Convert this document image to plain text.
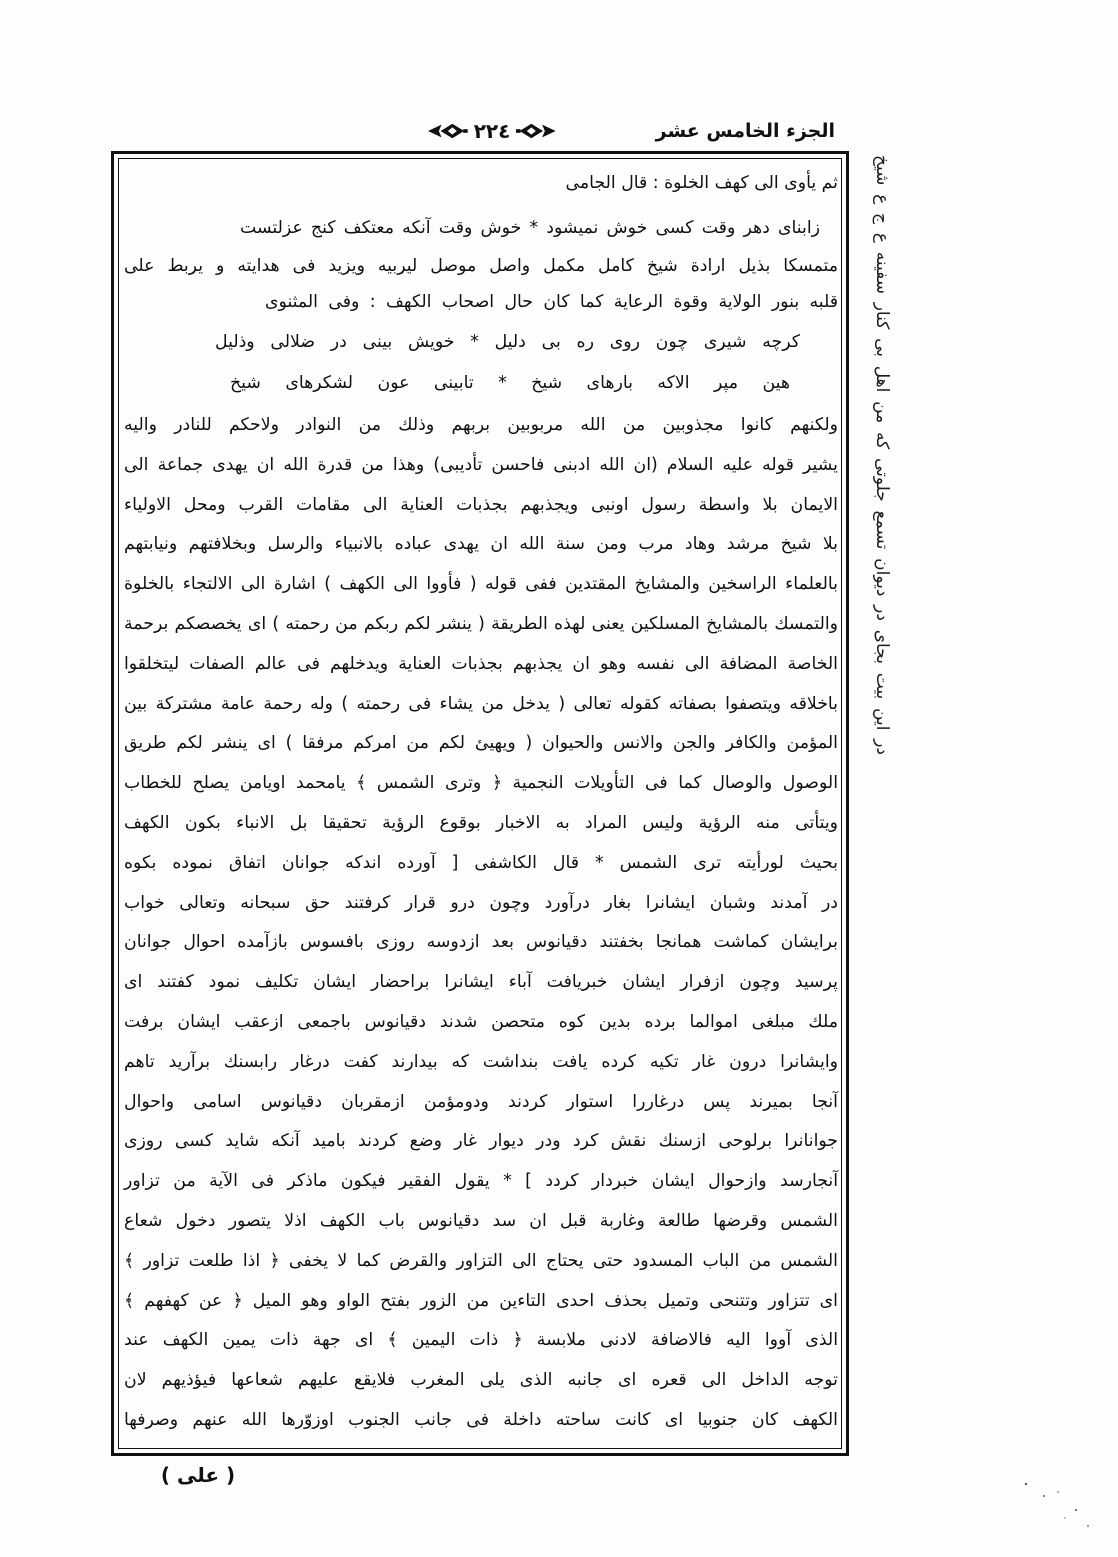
الجزء الخامس عشر
٢٢٤
ثم يأوى الى كهف الخلوة : قال الجامى
زابناى دهر وقت كسى خوش نميشود * خوش وقت آنكه معتكف كنج عزلتست
متمسكا بذيل ارادة شيخ كامل مكمل واصل موصل ليربيه ويزيد فى هدايته و يربط على
قلبه بنور الولاية وقوة الرعاية كما كان حال اصحاب الكهف : وفى المثنوى
كرچه شيرى چون روى ره بى دليل * خويش بينى در ضلالى وذليل
هين مپر الاكه بارهاى شيخ * تابينى عون لشكرهاى شيخ
ولكنهم كانوا مجذوبين من الله مربوبين بربهم وذلك من النوادر ولاحكم للنادر واليه
يشير قوله عليه السلام (ان الله ادبنى فاحسن تأديبى) وهذا من قدرة الله ان يهدى جماعة الى
الايمان بلا واسطة رسول اونبى ويجذبهم بجذبات العناية الى مقامات القرب ومحل الاولياء
بلا شيخ مرشد وهاد مرب ومن سنة الله ان يهدى عباده بالانبياء والرسل وبخلافتهم ونيابتهم
بالعلماء الراسخين والمشايخ المقتدين ففى قوله ( فأووا الى الكهف ) اشارة الى الالتجاء بالخلوة
والتمسك بالمشايخ المسلكين يعنى لهذه الطريقة ( ينشر لكم ربكم من رحمته ) اى يخصصكم برحمة
الخاصة المضافة الى نفسه وهو ان يجذبهم بجذبات العناية ويدخلهم فى عالم الصفات ليتخلقوا
باخلاقه ويتصفوا بصفاته كقوله تعالى ( يدخل من يشاء فى رحمته ) وله رحمة عامة مشتركة بين
المؤمن والكافر والجن والانس والحيوان ( ويهيئ لكم من امركم مرفقا ) اى ينشر لكم طريق
الوصول والوصال كما فى التأويلات النجمية ﴿ وترى الشمس ﴾ يامحمد اويامن يصلح للخطاب
ويتأتى منه الرؤية وليس المراد به الاخبار بوقوع الرؤية تحقيقا بل الانباء بكون الكهف
بحيث لورأيته ترى الشمس * قال الكاشفى [ آورده اندكه جوانان اتفاق نموده بكوه
در آمدند وشبان ايشانرا بغار درآورد وچون درو قرار كرفتند حق سبحانه وتعالى خواب
برايشان كماشت همانجا بخفتند دقيانوس بعد ازدوسه روزى بافسوس بازآمده احوال جوانان
پرسيد وچون ازفرار ايشان خبريافت آباء ايشانرا براحضار ايشان تكليف نمود كفتند اى
ملك مبلغى اموالما برده بدين كوه متحصن شدند دقيانوس باجمعى ازعقب ايشان برفت
وايشانرا درون غار تكيه كرده يافت بنداشت كه بيدارند كفت درغار رابسنك برآريد تاهم
آنجا بميرند پس درغاررا استوار كردند ودومؤمن ازمقربان دقيانوس اسامى واحوال
جوانانرا برلوحى ازسنك نقش كرد ودر ديوار غار وضع كردند باميد آنكه شايد كسى روزى
آنجارسد وازحوال ايشان خبردار كردد ] * يقول الفقير فيكون ماذكر فى الآية من تزاور
الشمس وقرضها طالعة وغاربة قبل ان سد دقيانوس باب الكهف اذلا يتصور دخول شعاع
الشمس من الباب المسدود حتى يحتاج الى التزاور والقرض كما لا يخفى ﴿ اذا طلعت تزاور ﴾
اى تتزاور وتتنحى وتميل بحذف احدى التاءين من الزور بفتح الواو وهو الميل ﴿ عن كهفهم ﴾
الذى آووا اليه فالاضافة لادنى ملابسة ﴿ ذات اليمين ﴾ اى جهة ذات يمين الكهف عند
توجه الداخل الى قعره اى جانبه الذى يلى المغرب فلايقع عليهم شعاعها فيؤذيهم لان
الكهف كان جنوبيا اى كانت ساحته داخلة فى جانب الجنوب اوزوّرها الله عنهم وصرفها
در اين بيت بجاى در ديوان تسمع جلوتى كه من اهل بى كنار سفينه ع ج ع شيخ
( على )
